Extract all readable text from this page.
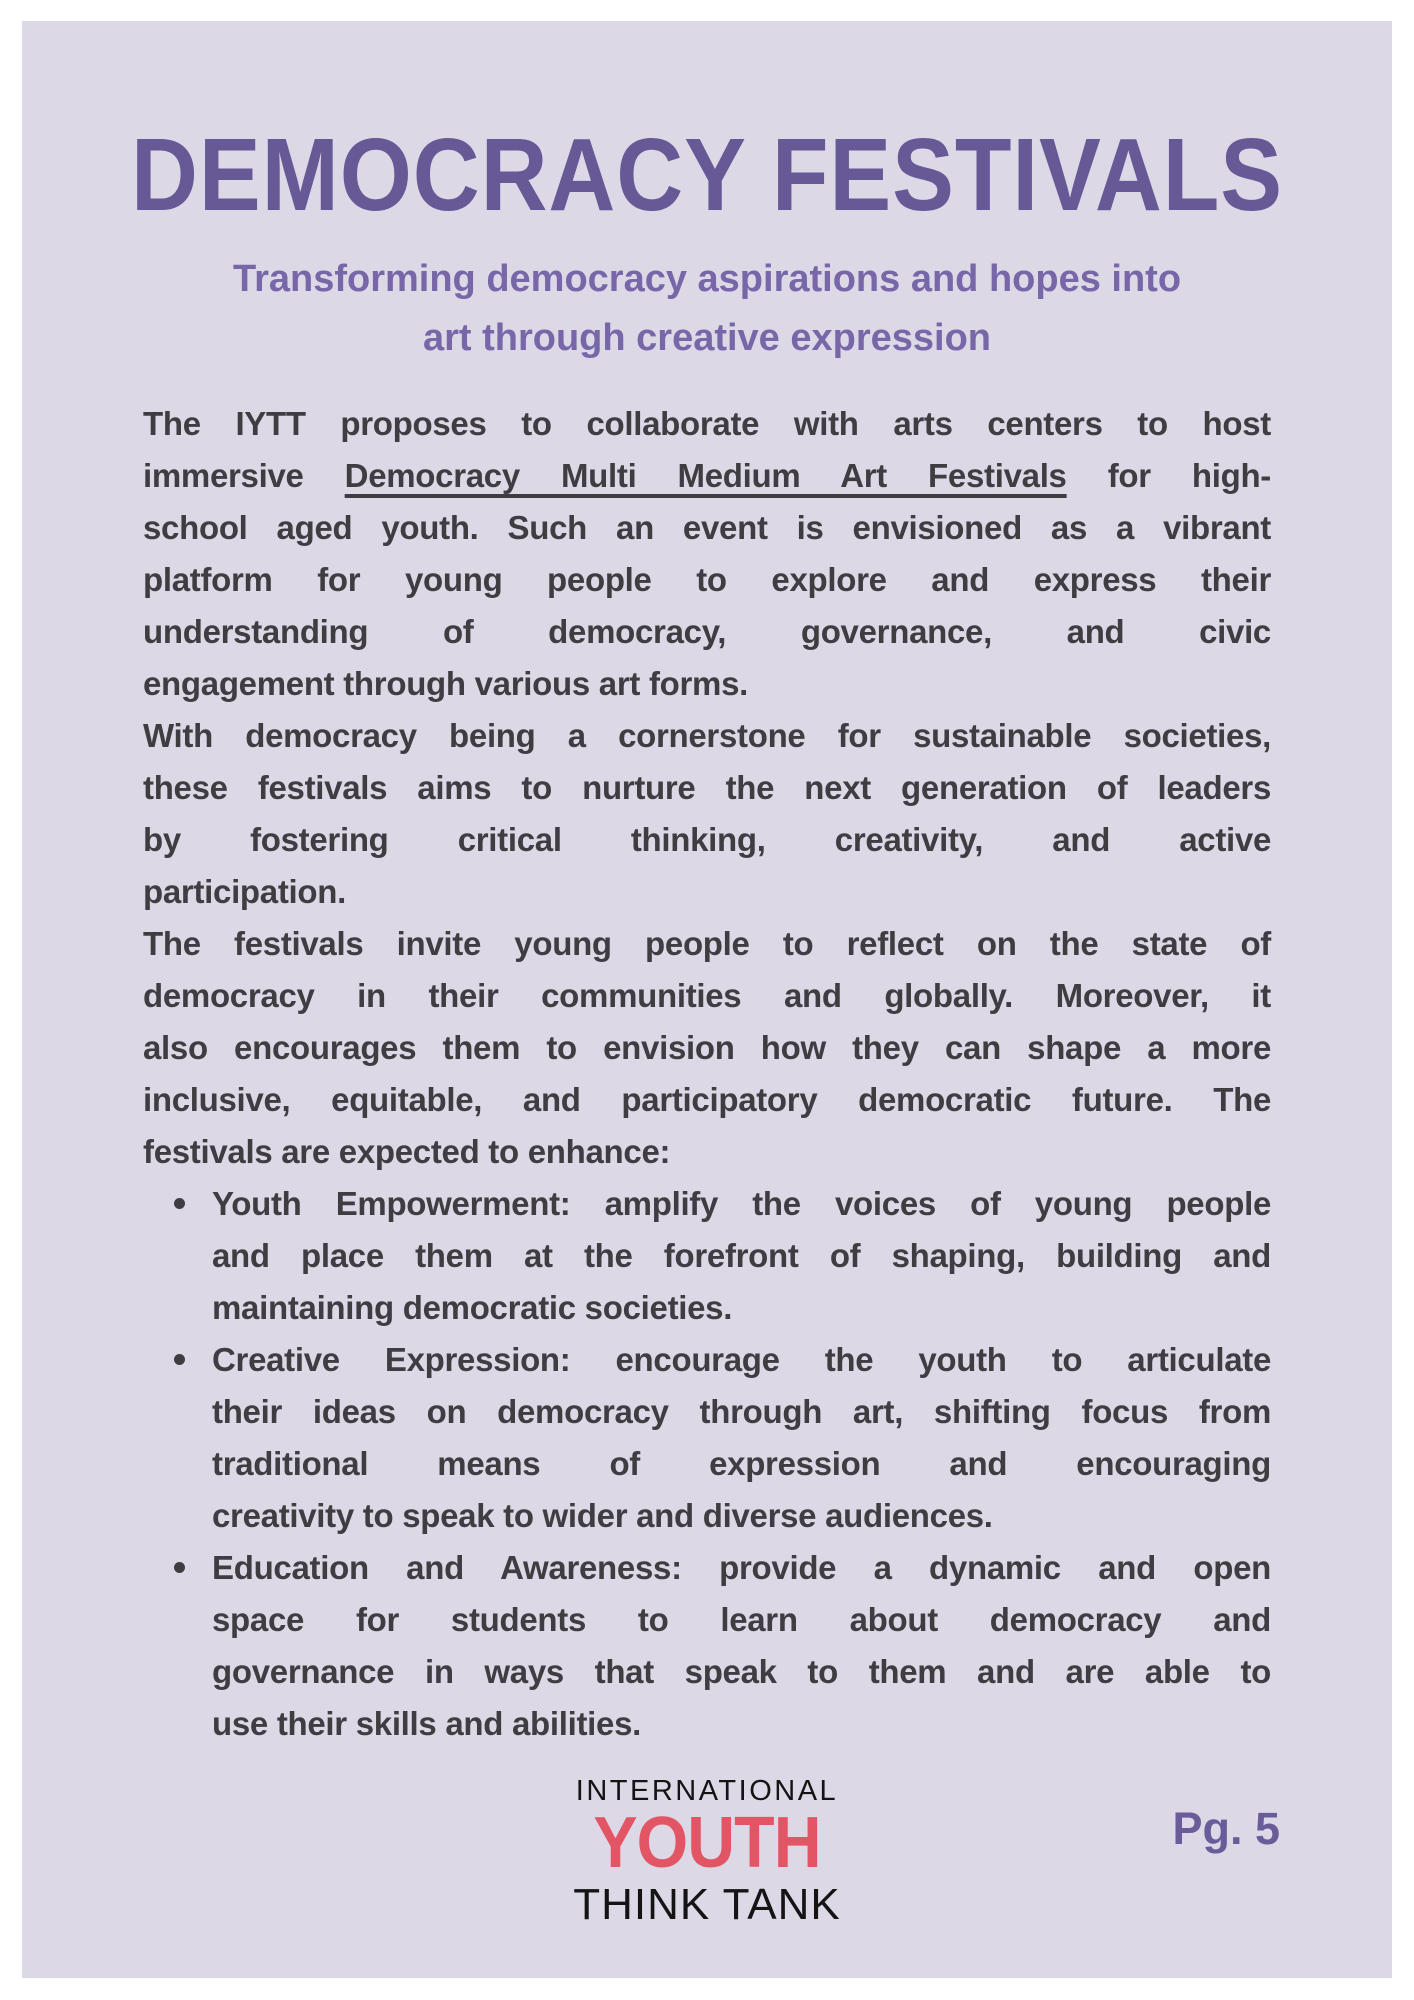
DEMOCRACY FESTIVALS
Transforming democracy aspirations and hopes into
art through creative expression
The IYTT proposes to collaborate with arts centers to host
immersive Democracy Multi Medium Art Festivals for high-
school aged youth. Such an event is envisioned as a vibrant
platform for young people to explore and express their
understanding of democracy, governance, and civic
engagement through various art forms.
With democracy being a cornerstone for sustainable societies,
these festivals aims to nurture the next generation of leaders
by fostering critical thinking, creativity, and active
participation.
The festivals invite young people to reflect on the state of
democracy in their communities and globally. Moreover, it
also encourages them to envision how they can shape a more
inclusive, equitable, and participatory democratic future. The
festivals are expected to enhance:
Youth Empowerment: amplify the voices of young people
and place them at the forefront of shaping, building and
maintaining democratic societies.
Creative Expression: encourage the youth to articulate
their ideas on democracy through art, shifting focus from
traditional means of expression and encouraging
creativity to speak to wider and diverse audiences.
Education and Awareness: provide a dynamic and open
space for students to learn about democracy and
governance in ways that speak to them and are able to
use their skills and abilities.
INTERNATIONAL
YOUTH
THINK TANK
Pg. 5
